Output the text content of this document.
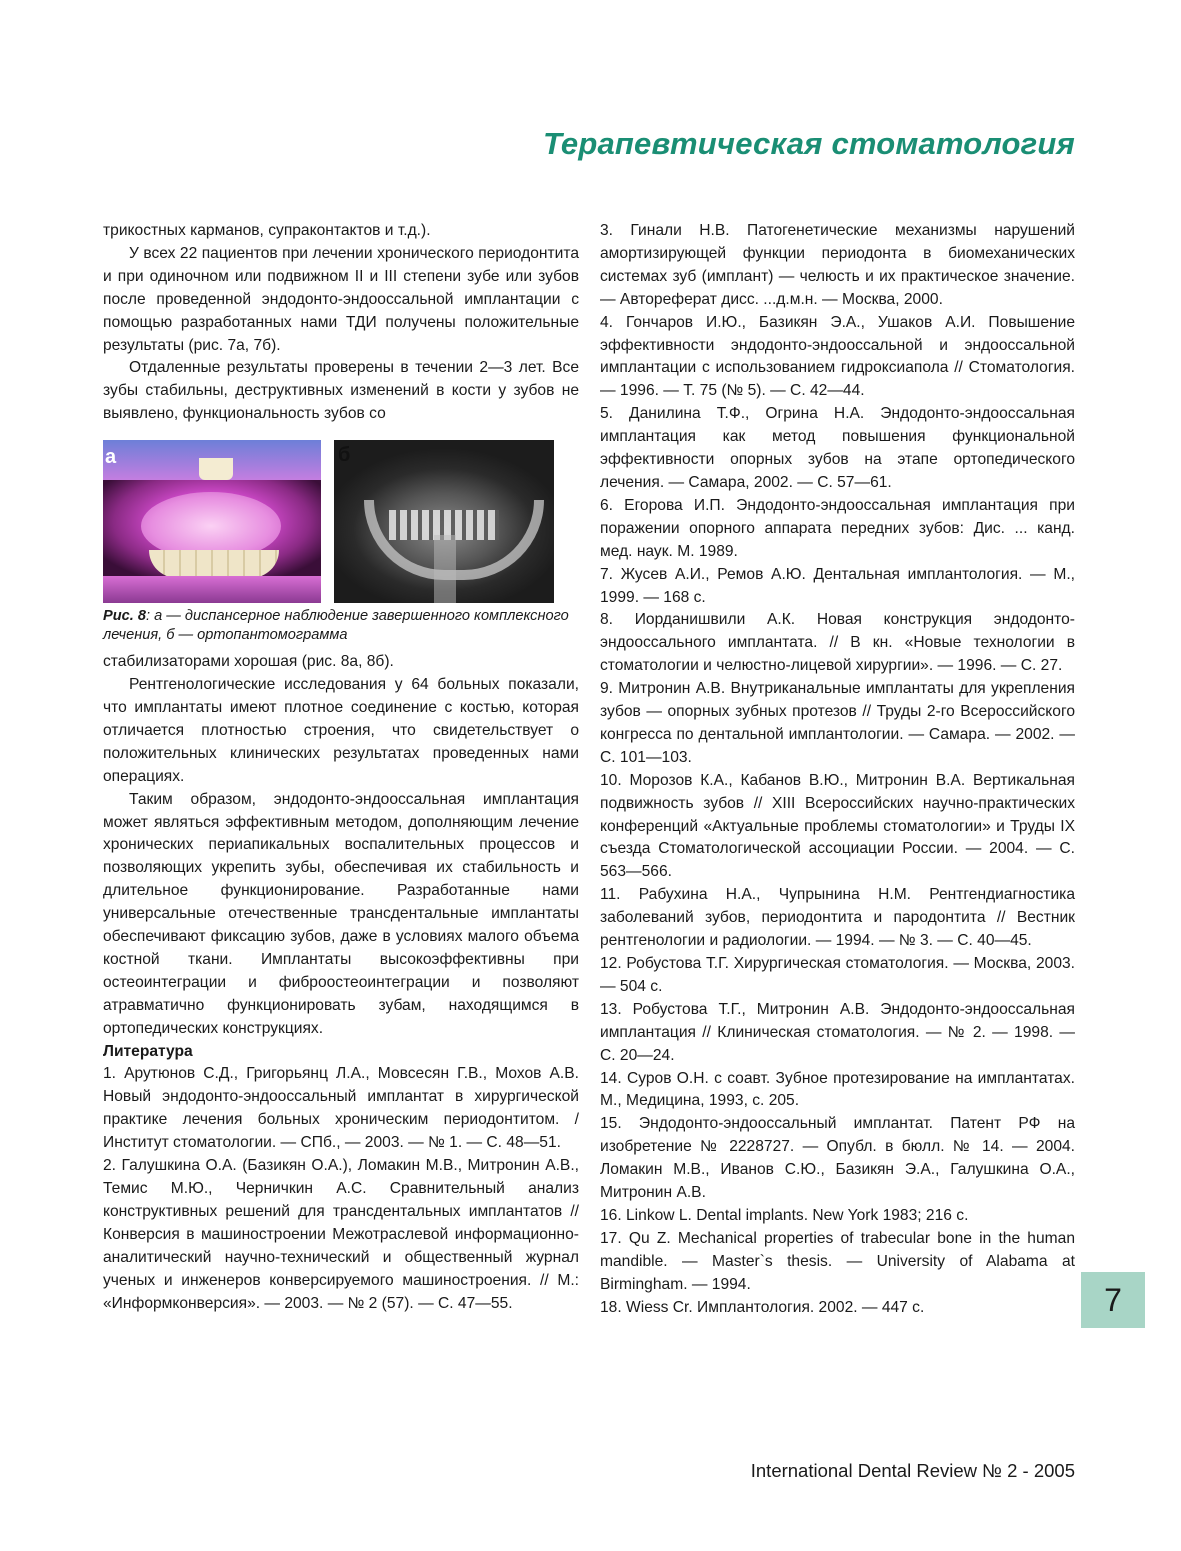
Терапевтическая стоматология

трикостных карманов, супраконтактов и т.д.).

У всех 22 пациентов при лечении хронического периодонтита и при одиночном или подвижном II и III степени зубе или зубов после проведенной эндодонто-эндооссальной имплантации с помощью разработанных нами ТДИ получены положительные результаты (рис. 7а, 7б).

Отдаленные результаты проверены в течении 2—3 лет. Все зубы стабильны, деструктивных изменений в кости у зубов не выявлено, функциональность зубов со

а	б
Рис. 8: а — диспансерное наблюдение завершенного комплексного лечения, б — ортопантомограмма

стабилизаторами хорошая (рис. 8а, 8б).

Рентгенологические исследования у 64 больных показали, что имплантаты имеют плотное соединение с костью, которая отличается плотностью строения, что свидетельствует о положительных клинических результатах проведенных нами операциях.

Таким образом, эндодонто-эндооссальная имплантация может являться эффективным методом, дополняющим лечение хронических периапикальных воспалительных процессов и позволяющих укрепить зубы, обеспечивая их стабильность и длительное функционирование. Разработанные нами универсальные отечественные трансдентальные имплантаты обеспечивают фиксацию зубов, даже в условиях малого объема костной ткани. Имплантаты высокоэффективны при остеоинтеграции и фиброостеоинтеграции и позволяют атравматично функционировать зубам, находящимся в ортопедических конструкциях.

Литература

1. Арутюнов С.Д., Григорьянц Л.А., Мовсесян Г.В., Мохов А.В. Новый эндодонто-эндооссальный имплантат в хирургической практике лечения больных хроническим периодонтитом. / Институт стоматологии. — СПб., — 2003. — № 1. — С. 48—51.

2. Галушкина О.А. (Базикян О.А.), Ломакин М.В., Митронин А.В., Темис М.Ю., Черничкин А.С. Сравнительный анализ конструктивных решений для трансдентальных имплантатов // Конверсия в машиностроении Межотраслевой информационно-аналитический научно-технический и общественный журнал ученых и инженеров конверсируемого машиностроения. // М.: «Информконверсия». — 2003. — № 2 (57). — С. 47—55.

3. Гинали Н.В. Патогенетические механизмы нарушений амортизирующей функции периодонта в биомеханических системах зуб (имплант) — челюсть и их практическое значение. — Автореферат дисс. ...д.м.н. — Москва, 2000.

4. Гончаров И.Ю., Базикян Э.А., Ушаков А.И. Повышение эффективности эндодонто-эндооссальной и эндооссальной имплантации с использованием гидроксиапола // Стоматология. — 1996. — Т. 75 (№ 5). — С. 42—44.

5. Данилина Т.Ф., Огрина Н.А. Эндодонто-эндооссальная имплантация как метод повышения функциональной эффективности опорных зубов на этапе ортопедического лечения. — Самара, 2002. — С. 57—61.

6. Егорова И.П. Эндодонто-эндооссальная имплантация при поражении опорного аппарата передних зубов: Дис. ... канд. мед. наук. М. 1989.

7. Жусев А.И., Ремов А.Ю. Дентальная имплантология. — М., 1999. — 168 с.

8. Иорданишвили А.К. Новая конструкция эндодонто-эндооссального имплантата. // В кн. «Новые технологии в стоматологии и челюстно-лицевой хирургии». — 1996. — С. 27.

9. Митронин А.В. Внутриканальные имплантаты для укрепления зубов — опорных зубных протезов // Труды 2-го Всероссийского конгресса по дентальной имплантологии. — Самара. — 2002. — С. 101—103.

10. Морозов К.А., Кабанов В.Ю., Митронин В.А. Вертикальная подвижность зубов // XIII Всероссийских научно-практических конференций «Актуальные проблемы стоматологии» и Труды IX съезда Стоматологической ассоциации России. — 2004. — С. 563—566.

11. Рабухина Н.А., Чупрынина Н.М. Рентгендиагностика заболеваний зубов, периодонтита и пародонтита // Вестник рентгенологии и радиологии. — 1994. — № 3. — С. 40—45.

12. Робустова Т.Г. Хирургическая стоматология. — Москва, 2003. — 504 с.

13. Робустова Т.Г., Митронин А.В. Эндодонто-эндооссальная имплантация // Клиническая стоматология. — № 2. — 1998. — С. 20—24.

14. Суров О.Н. с соавт. Зубное протезирование на имплантатах. М., Медицина, 1993, с. 205.

15. Эндодонто-эндооссальный имплантат. Патент РФ на изобретение № 2228727. — Опубл. в бюлл. № 14. — 2004. Ломакин М.В., Иванов С.Ю., Базикян Э.А., Галушкина О.А., Митронин А.В.

16. Linkow L. Dental implants. New York 1983; 216 с.

17. Qu Z. Mechanical properties of trabecular bone in the human mandible. — Master`s thesis. — University of Alabama at Birmingham. — 1994.

18. Wiess Cr. Имплантология. 2002. — 447 с.	7
International Dental Review № 2 - 2005
